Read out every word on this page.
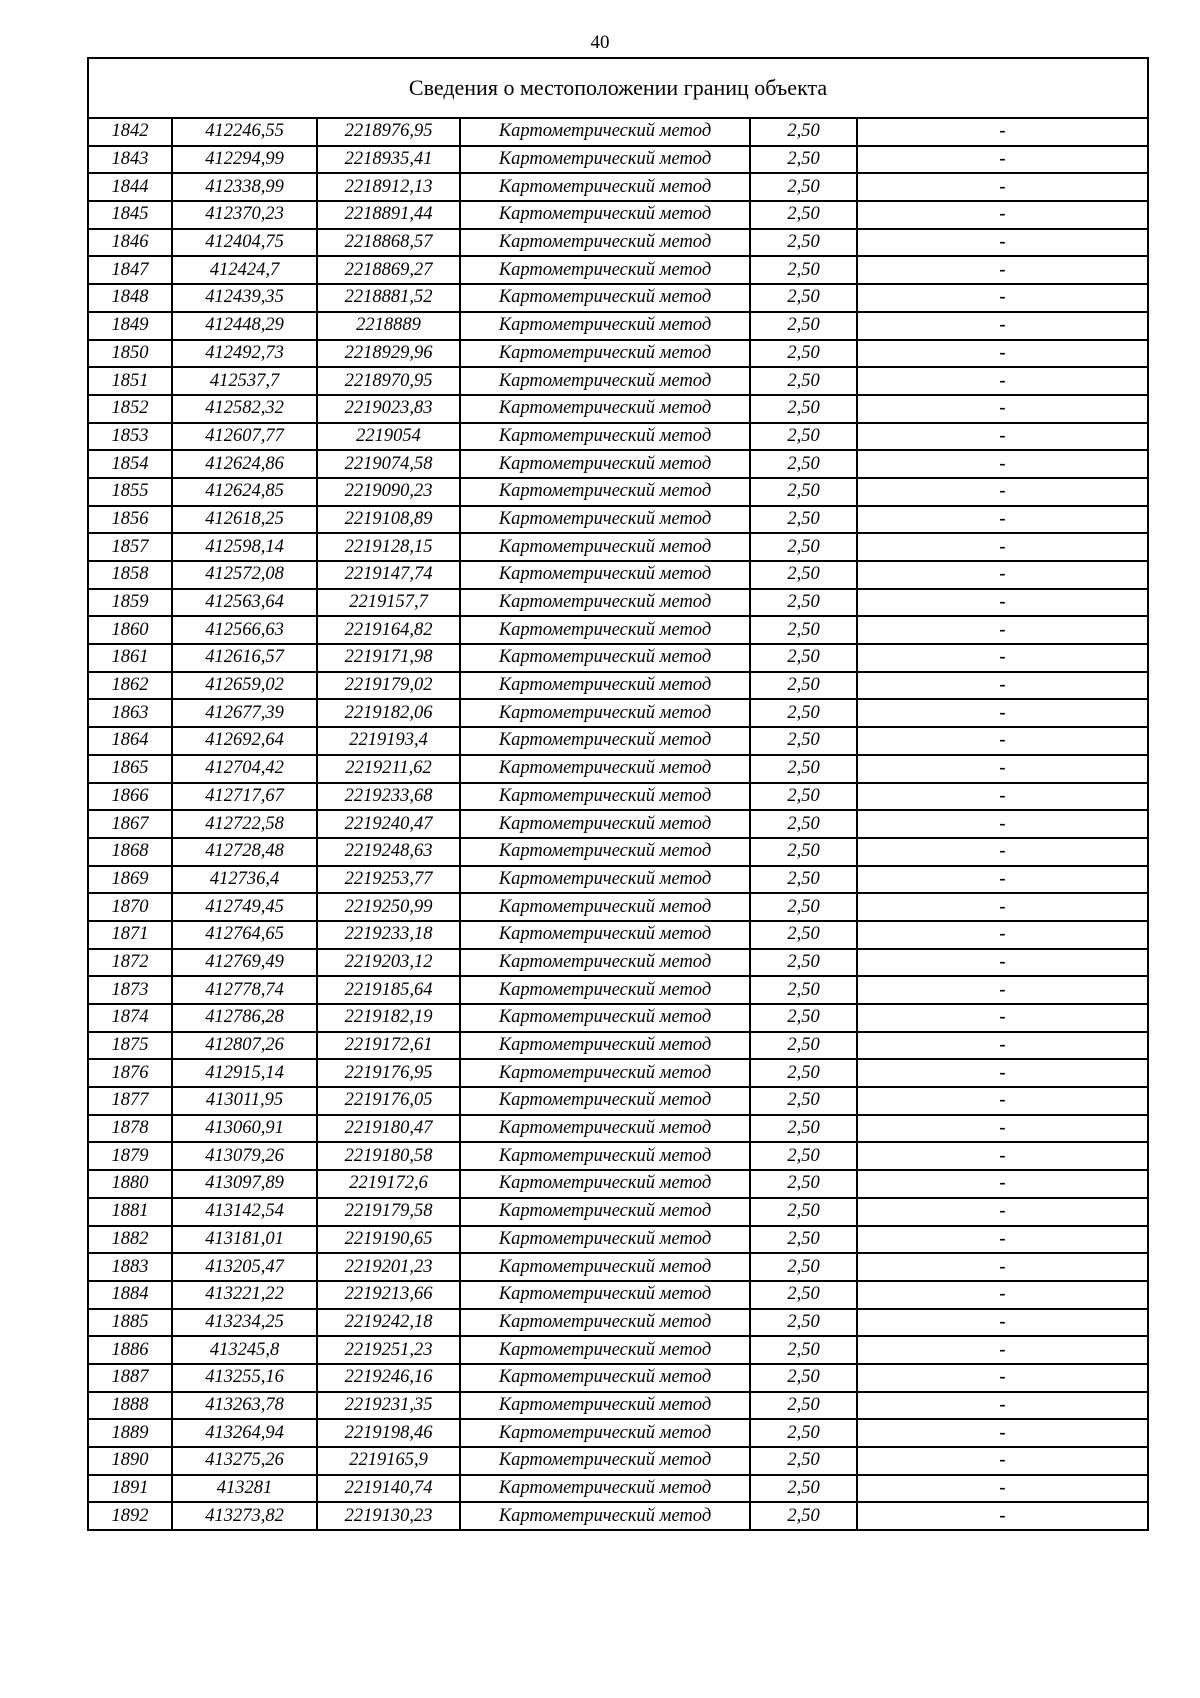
40
Сведения о местоположении границ объекта					
1842	412246,55	2218976,95	Картометрический метод	2,50	-
1843	412294,99	2218935,41	Картометрический метод	2,50	-
1844	412338,99	2218912,13	Картометрический метод	2,50	-
1845	412370,23	2218891,44	Картометрический метод	2,50	-
1846	412404,75	2218868,57	Картометрический метод	2,50	-
1847	412424,7	2218869,27	Картометрический метод	2,50	-
1848	412439,35	2218881,52	Картометрический метод	2,50	-
1849	412448,29	2218889	Картометрический метод	2,50	-
1850	412492,73	2218929,96	Картометрический метод	2,50	-
1851	412537,7	2218970,95	Картометрический метод	2,50	-
1852	412582,32	2219023,83	Картометрический метод	2,50	-
1853	412607,77	2219054	Картометрический метод	2,50	-
1854	412624,86	2219074,58	Картометрический метод	2,50	-
1855	412624,85	2219090,23	Картометрический метод	2,50	-
1856	412618,25	2219108,89	Картометрический метод	2,50	-
1857	412598,14	2219128,15	Картометрический метод	2,50	-
1858	412572,08	2219147,74	Картометрический метод	2,50	-
1859	412563,64	2219157,7	Картометрический метод	2,50	-
1860	412566,63	2219164,82	Картометрический метод	2,50	-
1861	412616,57	2219171,98	Картометрический метод	2,50	-
1862	412659,02	2219179,02	Картометрический метод	2,50	-
1863	412677,39	2219182,06	Картометрический метод	2,50	-
1864	412692,64	2219193,4	Картометрический метод	2,50	-
1865	412704,42	2219211,62	Картометрический метод	2,50	-
1866	412717,67	2219233,68	Картометрический метод	2,50	-
1867	412722,58	2219240,47	Картометрический метод	2,50	-
1868	412728,48	2219248,63	Картометрический метод	2,50	-
1869	412736,4	2219253,77	Картометрический метод	2,50	-
1870	412749,45	2219250,99	Картометрический метод	2,50	-
1871	412764,65	2219233,18	Картометрический метод	2,50	-
1872	412769,49	2219203,12	Картометрический метод	2,50	-
1873	412778,74	2219185,64	Картометрический метод	2,50	-
1874	412786,28	2219182,19	Картометрический метод	2,50	-
1875	412807,26	2219172,61	Картометрический метод	2,50	-
1876	412915,14	2219176,95	Картометрический метод	2,50	-
1877	413011,95	2219176,05	Картометрический метод	2,50	-
1878	413060,91	2219180,47	Картометрический метод	2,50	-
1879	413079,26	2219180,58	Картометрический метод	2,50	-
1880	413097,89	2219172,6	Картометрический метод	2,50	-
1881	413142,54	2219179,58	Картометрический метод	2,50	-
1882	413181,01	2219190,65	Картометрический метод	2,50	-
1883	413205,47	2219201,23	Картометрический метод	2,50	-
1884	413221,22	2219213,66	Картометрический метод	2,50	-
1885	413234,25	2219242,18	Картометрический метод	2,50	-
1886	413245,8	2219251,23	Картометрический метод	2,50	-
1887	413255,16	2219246,16	Картометрический метод	2,50	-
1888	413263,78	2219231,35	Картометрический метод	2,50	-
1889	413264,94	2219198,46	Картометрический метод	2,50	-
1890	413275,26	2219165,9	Картометрический метод	2,50	-
1891	413281	2219140,74	Картометрический метод	2,50	-
1892	413273,82	2219130,23	Картометрический метод	2,50	-
